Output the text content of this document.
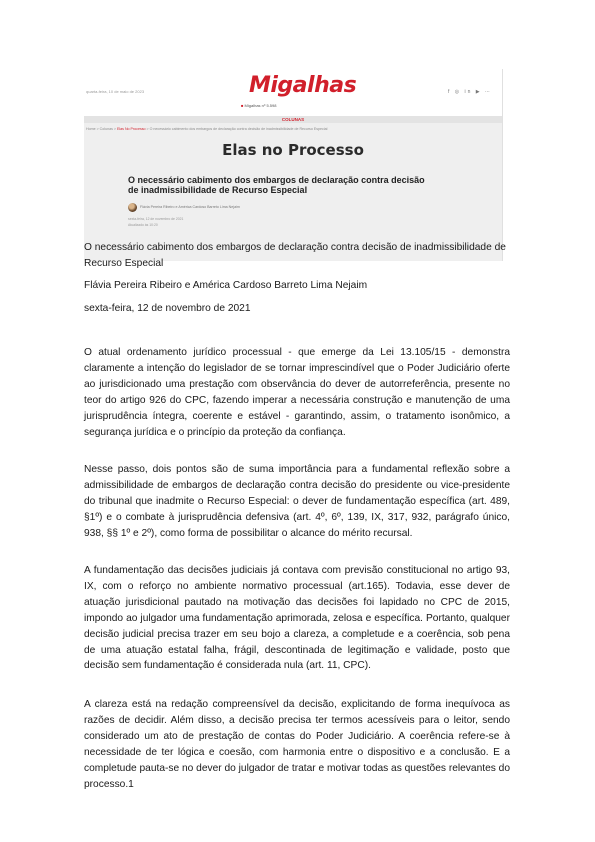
quarta-feira, 10 de maio de 2023	Migalhas
■ Migalhas nº 5.598
f ◎ in ▶ ⋯
COLUNAS
Home > Colunas > Elas No Processo > O necessário cabimento dos embargos de declaração contra decisão de inadmissibilidade de Recurso Especial
Elas no Processo
O necessário cabimento dos embargos de declaração contra decisão de inadmissibilidade de Recurso Especial
Flávia Pereira Ribeiro e América Cardoso Barreto Lima Nejaim
sexta-feira, 12 de novembro de 2021
Atualizado às 10:20
O necessário cabimento dos embargos de declaração contra decisão de inadmissibilidade de Recurso Especial
Flávia Pereira Ribeiro e América Cardoso Barreto Lima Nejaim
sexta-feira, 12 de novembro de 2021
O atual ordenamento jurídico processual - que emerge da Lei 13.105/15 - demonstra claramente a intenção do legislador de se tornar imprescindível que o Poder Judiciário oferte ao jurisdicionado uma prestação com observância do dever de autorreferência, presente no teor do artigo 926 do CPC, fazendo imperar a necessária construção e manutenção de uma jurisprudência íntegra, coerente e estável - garantindo, assim, o tratamento isonômico, a segurança jurídica e o princípio da proteção da confiança.
Nesse passo, dois pontos são de suma importância para a fundamental reflexão sobre a admissibilidade de embargos de declaração contra decisão do presidente ou vice-presidente do tribunal que inadmite o Recurso Especial: o dever de fundamentação específica (art. 489, §1º) e o combate à jurisprudência defensiva (art. 4º, 6º, 139, IX, 317, 932, parágrafo único, 938, §§ 1º e 2º), como forma de possibilitar o alcance do mérito recursal.
A fundamentação das decisões judiciais já contava com previsão constitucional no artigo 93, IX, com o reforço no ambiente normativo processual (art.165). Todavia, esse dever de atuação jurisdicional pautado na motivação das decisões foi lapidado no CPC de 2015, impondo ao julgador uma fundamentação aprimorada, zelosa e específica. Portanto, qualquer decisão judicial precisa trazer em seu bojo a clareza, a completude e a coerência, sob pena de uma atuação estatal falha, frágil, descontinada de legitimação e validade, posto que decisão sem fundamentação é considerada nula (art. 11, CPC).
A clareza está na redação compreensível da decisão, explicitando de forma inequívoca as razões de decidir. Além disso, a decisão precisa ter termos acessíveis para o leitor, sendo considerado um ato de prestação de contas do Poder Judiciário. A coerência refere-se à necessidade de ter lógica e coesão, com harmonia entre o dispositivo e a conclusão. E a completude pauta-se no dever do julgador de tratar e motivar todas as questões relevantes do processo.1
